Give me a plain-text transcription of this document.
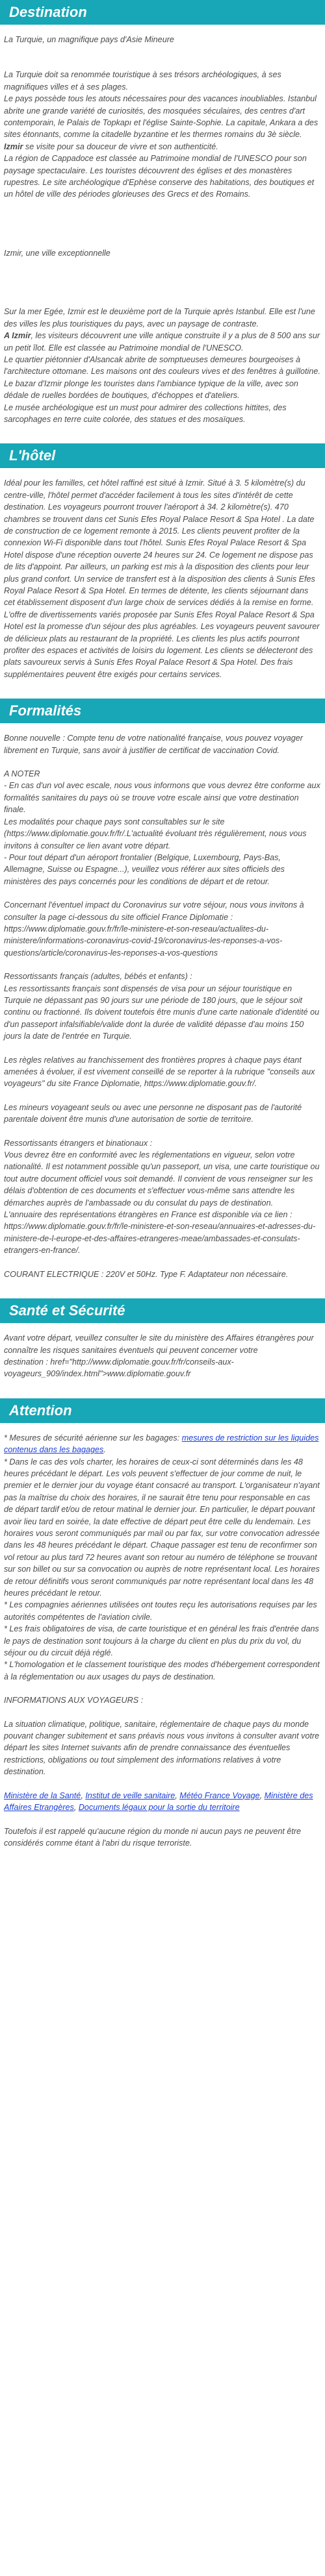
Destination

La Turquie, un magnifique pays d'Asie Mineure

La Turquie doit sa renommée touristique à ses trésors archéologiques, à ses magnifiques villes et à ses plages.

Le pays possède tous les atouts nécessaires pour des vacances inoubliables. Istanbul abrite une grande variété de curiosités, des mosquées séculaires, des centres d'art contemporain, le Palais de Topkapı et l'église Sainte-Sophie. La capitale, Ankara a des sites étonnants, comme la citadelle byzantine et les thermes romains du 3è siècle. Izmir se visite pour sa douceur de vivre et son authenticité.

La région de Cappadoce est classée au Patrimoine mondial de l'UNESCO pour son paysage spectaculaire. Les touristes découvrent des églises et des monastères rupestres. Le site archéologique d'Ephèse conserve des habitations, des boutiques et un hôtel de ville des périodes glorieuses des Grecs et des Romains.

Izmir, une ville exceptionnelle

Sur la mer Egée, Izmir est le deuxième port de la Turquie après Istanbul. Elle est l'une des villes les plus touristiques du pays, avec un paysage de contraste.

A Izmir, les visiteurs découvrent une ville antique construite il y a plus de 8 500 ans sur un petit îlot. Elle est classée au Patrimoine mondial de l'UNESCO.

Le quartier piétonnier d'Alsancak abrite de somptueuses demeures bourgeoises à l'architecture ottomane. Les maisons ont des couleurs vives et des fenêtres à guillotine.

Le bazar d'Izmir plonge les touristes dans l'ambiance typique de la ville, avec son dédale de ruelles bordées de boutiques, d'échoppes et d'ateliers.

Le musée archéologique est un must pour admirer des collections hittites, des sarcophages en terre cuite colorée, des statues et des mosaïques.

L'hôtel

Idéal pour les familles, cet hôtel raffiné est situé à Izmir. Situé à 3. 5 kilomètre(s) du centre-ville, l'hôtel permet d'accéder facilement à tous les sites d'intérêt de cette destination. Les voyageurs pourront trouver l'aéroport à 34. 2 kilomètre(s). 470 chambres se trouvent dans cet Sunis Efes Royal Palace Resort & Spa Hotel . La date de construction de ce logement remonte à 2015. Les clients peuvent profiter de la connexion Wi-Fi disponible dans tout l'hôtel. Sunis Efes Royal Palace Resort & Spa Hotel dispose d'une réception ouverte 24 heures sur 24. Ce logement ne dispose pas de lits d'appoint. Par ailleurs, un parking est mis à la disposition des clients pour leur plus grand confort. Un service de transfert est à la disposition des clients à Sunis Efes Royal Palace Resort & Spa Hotel. En termes de détente, les clients séjournant dans cet établissement disposent d'un large choix de services dédiés à la remise en forme. L'offre de divertissements variés proposée par Sunis Efes Royal Palace Resort & Spa Hotel est la promesse d'un séjour des plus agréables. Les voyageurs peuvent savourer de délicieux plats au restaurant de la propriété. Les clients les plus actifs pourront profiter des espaces et activités de loisirs du logement. Les clients se délecteront des plats savoureux servis à Sunis Efes Royal Palace Resort & Spa Hotel. Des frais supplémentaires peuvent être exigés pour certains services.

Formalités

Bonne nouvelle : Compte tenu de votre nationalité française, vous pouvez voyager librement en Turquie, sans avoir à justifier de certificat de vaccination Covid.

A NOTER

- En cas d'un vol avec escale, nous vous informons que vous devrez être conforme aux formalités sanitaires du pays où se trouve votre escale ainsi que votre destination finale.

Les modalités pour chaque pays sont consultables sur le site (https://www.diplomatie.gouv.fr/fr/.L'actualité évoluant très régulièrement, nous vous invitons à consulter ce lien avant votre départ.

- Pour tout départ d'un aéroport frontalier (Belgique, Luxembourg, Pays-Bas, Allemagne, Suisse ou Espagne...), veuillez vous référer aux sites officiels des ministères des pays concernés pour les conditions de départ et de retour.

Concernant l'éventuel impact du Coronavirus sur votre séjour, nous vous invitons à consulter la page ci-dessous du site officiel France Diplomatie : https://www.diplomatie.gouv.fr/fr/le-ministere-et-son-reseau/actualites-du-ministere/informations-coronavirus-covid-19/coronavirus-les-reponses-a-vos-questions/article/coronavirus-les-reponses-a-vos-questions

Ressortissants français (adultes, bébés et enfants) :

Les ressortissants français sont dispensés de visa pour un séjour touristique en Turquie ne dépassant pas 90 jours sur une période de 180 jours, que le séjour soit continu ou fractionné. Ils doivent toutefois être munis d'une carte nationale d'identité ou d'un passeport infalsifiable/valide dont la durée de validité dépasse d'au moins 150 jours la date de l'entrée en Turquie.

Les règles relatives au franchissement des frontières propres à chaque pays étant amenées à évoluer, il est vivement conseillé de se reporter à la rubrique "conseils aux voyageurs" du site France Diplomatie, https://www.diplomatie.gouv.fr/.

Les mineurs voyageant seuls ou avec une personne ne disposant pas de l'autorité parentale doivent être munis d'une autorisation de sortie de territoire.

Ressortissants étrangers et binationaux :

Vous devrez être en conformité avec les réglementations en vigueur, selon votre nationalité. Il est notamment possible qu'un passeport, un visa, une carte touristique ou tout autre document officiel vous soit demandé. Il convient de vous renseigner sur les délais d'obtention de ces documents et s'effectuer vous-même sans attendre les démarches auprès de l'ambassade ou du consulat du pays de destination.

L'annuaire des représentations étrangères en France est disponible via ce lien : https://www.diplomatie.gouv.fr/fr/le-ministere-et-son-reseau/annuaires-et-adresses-du-ministere-de-l-europe-et-des-affaires-etrangeres-meae/ambassades-et-consulats-etrangers-en-france/.

COURANT ELECTRIQUE : 220V et 50Hz. Type F. Adaptateur non nécessaire.

Santé et Sécurité

Avant votre départ, veuillez consulter le site du ministère des Affaires étrangères pour connaître les risques sanitaires éventuels qui peuvent concerner votre

destination : href="http://www.diplomatie.gouv.fr/fr/conseils-aux-voyageurs_909/index.html">www.diplomatie.gouv.fr

Attention

* Mesures de sécurité aérienne sur les bagages: mesures de restriction sur les liquides contenus dans les bagages.

* Dans le cas des vols charter, les horaires de ceux-ci sont déterminés dans les 48 heures précédant le départ. Les vols peuvent s'effectuer de jour comme de nuit, le premier et le dernier jour du voyage étant consacré au transport. L'organisateur n'ayant pas la maîtrise du choix des horaires, il ne saurait être tenu pour responsable en cas de départ tardif et/ou de retour matinal le dernier jour. En particulier, le départ pouvant avoir lieu tard en soirée, la date effective de départ peut être celle du lendemain. Les horaires vous seront communiqués par mail ou par fax, sur votre convocation adressée dans les 48 heures précédant le départ. Chaque passager est tenu de reconfirmer son vol retour au plus tard 72 heures avant son retour au numéro de téléphone se trouvant sur son billet ou sur sa convocation ou auprès de notre représentant local. Les horaires de retour définitifs vous seront communiqués par notre représentant local dans les 48 heures précédant le retour.

* Les compagnies aériennes utilisées ont toutes reçu les autorisations requises par les autorités compétentes de l'aviation civile.

* Les frais obligatoires de visa, de carte touristique et en général les frais d'entrée dans le pays de destination sont toujours à la charge du client en plus du prix du vol, du séjour ou du circuit déjà réglé.

* L'homologation et le classement touristique des modes d'hébergement correspondent à la réglementation ou aux usages du pays de destination.

INFORMATIONS AUX VOYAGEURS :

La situation climatique, politique, sanitaire, réglementaire de chaque pays du monde pouvant changer subitement et sans préavis nous vous invitons à consulter avant votre départ les sites Internet suivants afin de prendre connaissance des éventuelles restrictions, obligations ou tout simplement des informations relatives à votre destination.

Ministère de la Santé, Institut de veille sanitaire, Météo France Voyage, Ministère des Affaires Etrangères, Documents légaux pour la sortie du territoire

Toutefois il est rappelé qu'aucune région du monde ni aucun pays ne peuvent être considérés comme étant à l'abri du risque terroriste.
